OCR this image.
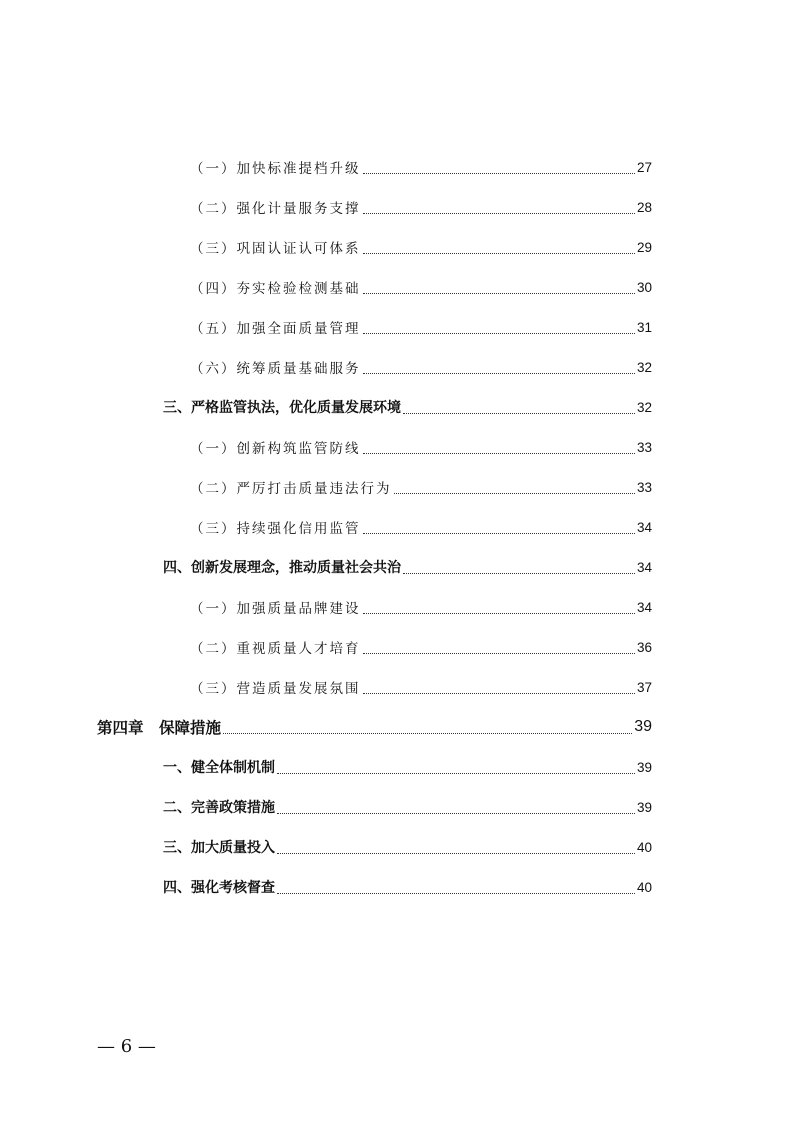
（一）加快标准提档升级	27
（二）强化计量服务支撑	28
（三）巩固认证认可体系	29
（四）夯实检验检测基础	30
（五）加强全面质量管理	31
（六）统筹质量基础服务	32
三、严格监管执法，优化质量发展环境	32
（一）创新构筑监管防线	33
（二）严厉打击质量违法行为	33
（三）持续强化信用监管	34
四、创新发展理念，推动质量社会共治	34
（一）加强质量品牌建设	34
（二）重视质量人才培育	36
（三）营造质量发展氛围	37
第四章　保障措施	39
一、健全体制机制	39
二、完善政策措施	39
三、加大质量投入	40
四、强化考核督查	40
— 6 —
